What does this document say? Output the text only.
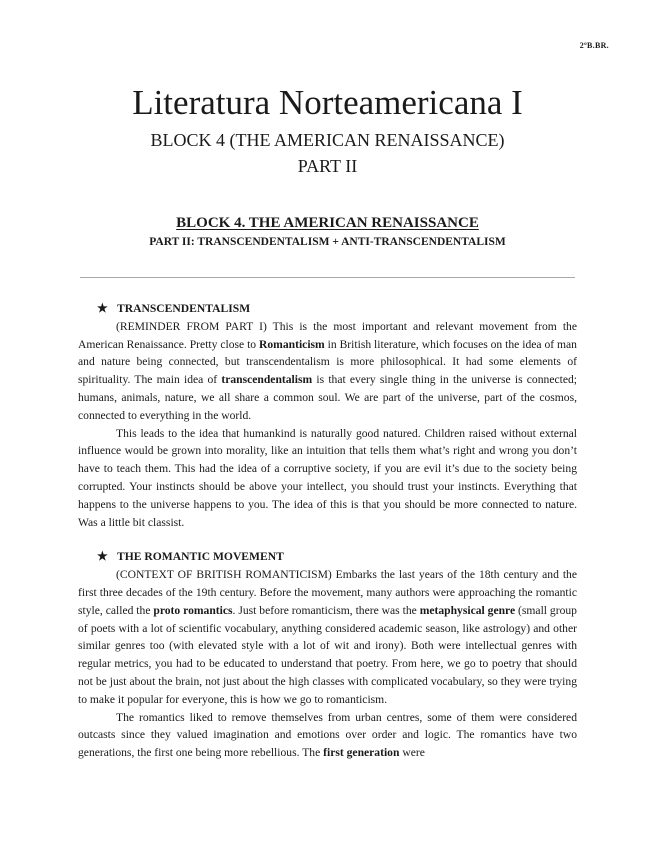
2ºB.BR.
Literatura Norteamericana I
BLOCK 4 (THE AMERICAN RENAISSANCE)
PART II
BLOCK 4. THE AMERICAN RENAISSANCE
PART II: TRANSCENDENTALISM + ANTI-TRANSCENDENTALISM

★ TRANSCENDENTALISM

(REMINDER FROM PART I) This is the most important and relevant movement from the American Renaissance. Pretty close to Romanticism in British literature, which focuses on the idea of man and nature being connected, but transcendentalism is more philosophical. It had some elements of spirituality. The main idea of transcendentalism is that every single thing in the universe is connected; humans, animals, nature, we all share a common soul. We are part of the universe, part of the cosmos, connected to everything in the world.

This leads to the idea that humankind is naturally good natured. Children raised without external influence would be grown into morality, like an intuition that tells them what’s right and wrong you don’t have to teach them. This had the idea of a corruptive society, if you are evil it’s due to the society being corrupted. Your instincts should be above your intellect, you should trust your instincts. Everything that happens to the universe happens to you. The idea of this is that you should be more connected to nature. Was a little bit classist.

★ THE ROMANTIC MOVEMENT

(CONTEXT OF BRITISH ROMANTICISM) Embarks the last years of the 18th century and the first three decades of the 19th century. Before the movement, many authors were approaching the romantic style, called the proto romantics. Just before romanticism, there was the metaphysical genre (small group of poets with a lot of scientific vocabulary, anything considered academic season, like astrology) and other similar genres too (with elevated style with a lot of wit and irony). Both were intellectual genres with regular metrics, you had to be educated to understand that poetry. From here, we go to poetry that should not be just about the brain, not just about the high classes with complicated vocabulary, so they were trying to make it popular for everyone, this is how we go to romanticism.

The romantics liked to remove themselves from urban centres, some of them were considered outcasts since they valued imagination and emotions over order and logic. The romantics have two generations, the first one being more rebellious. The first generation were
